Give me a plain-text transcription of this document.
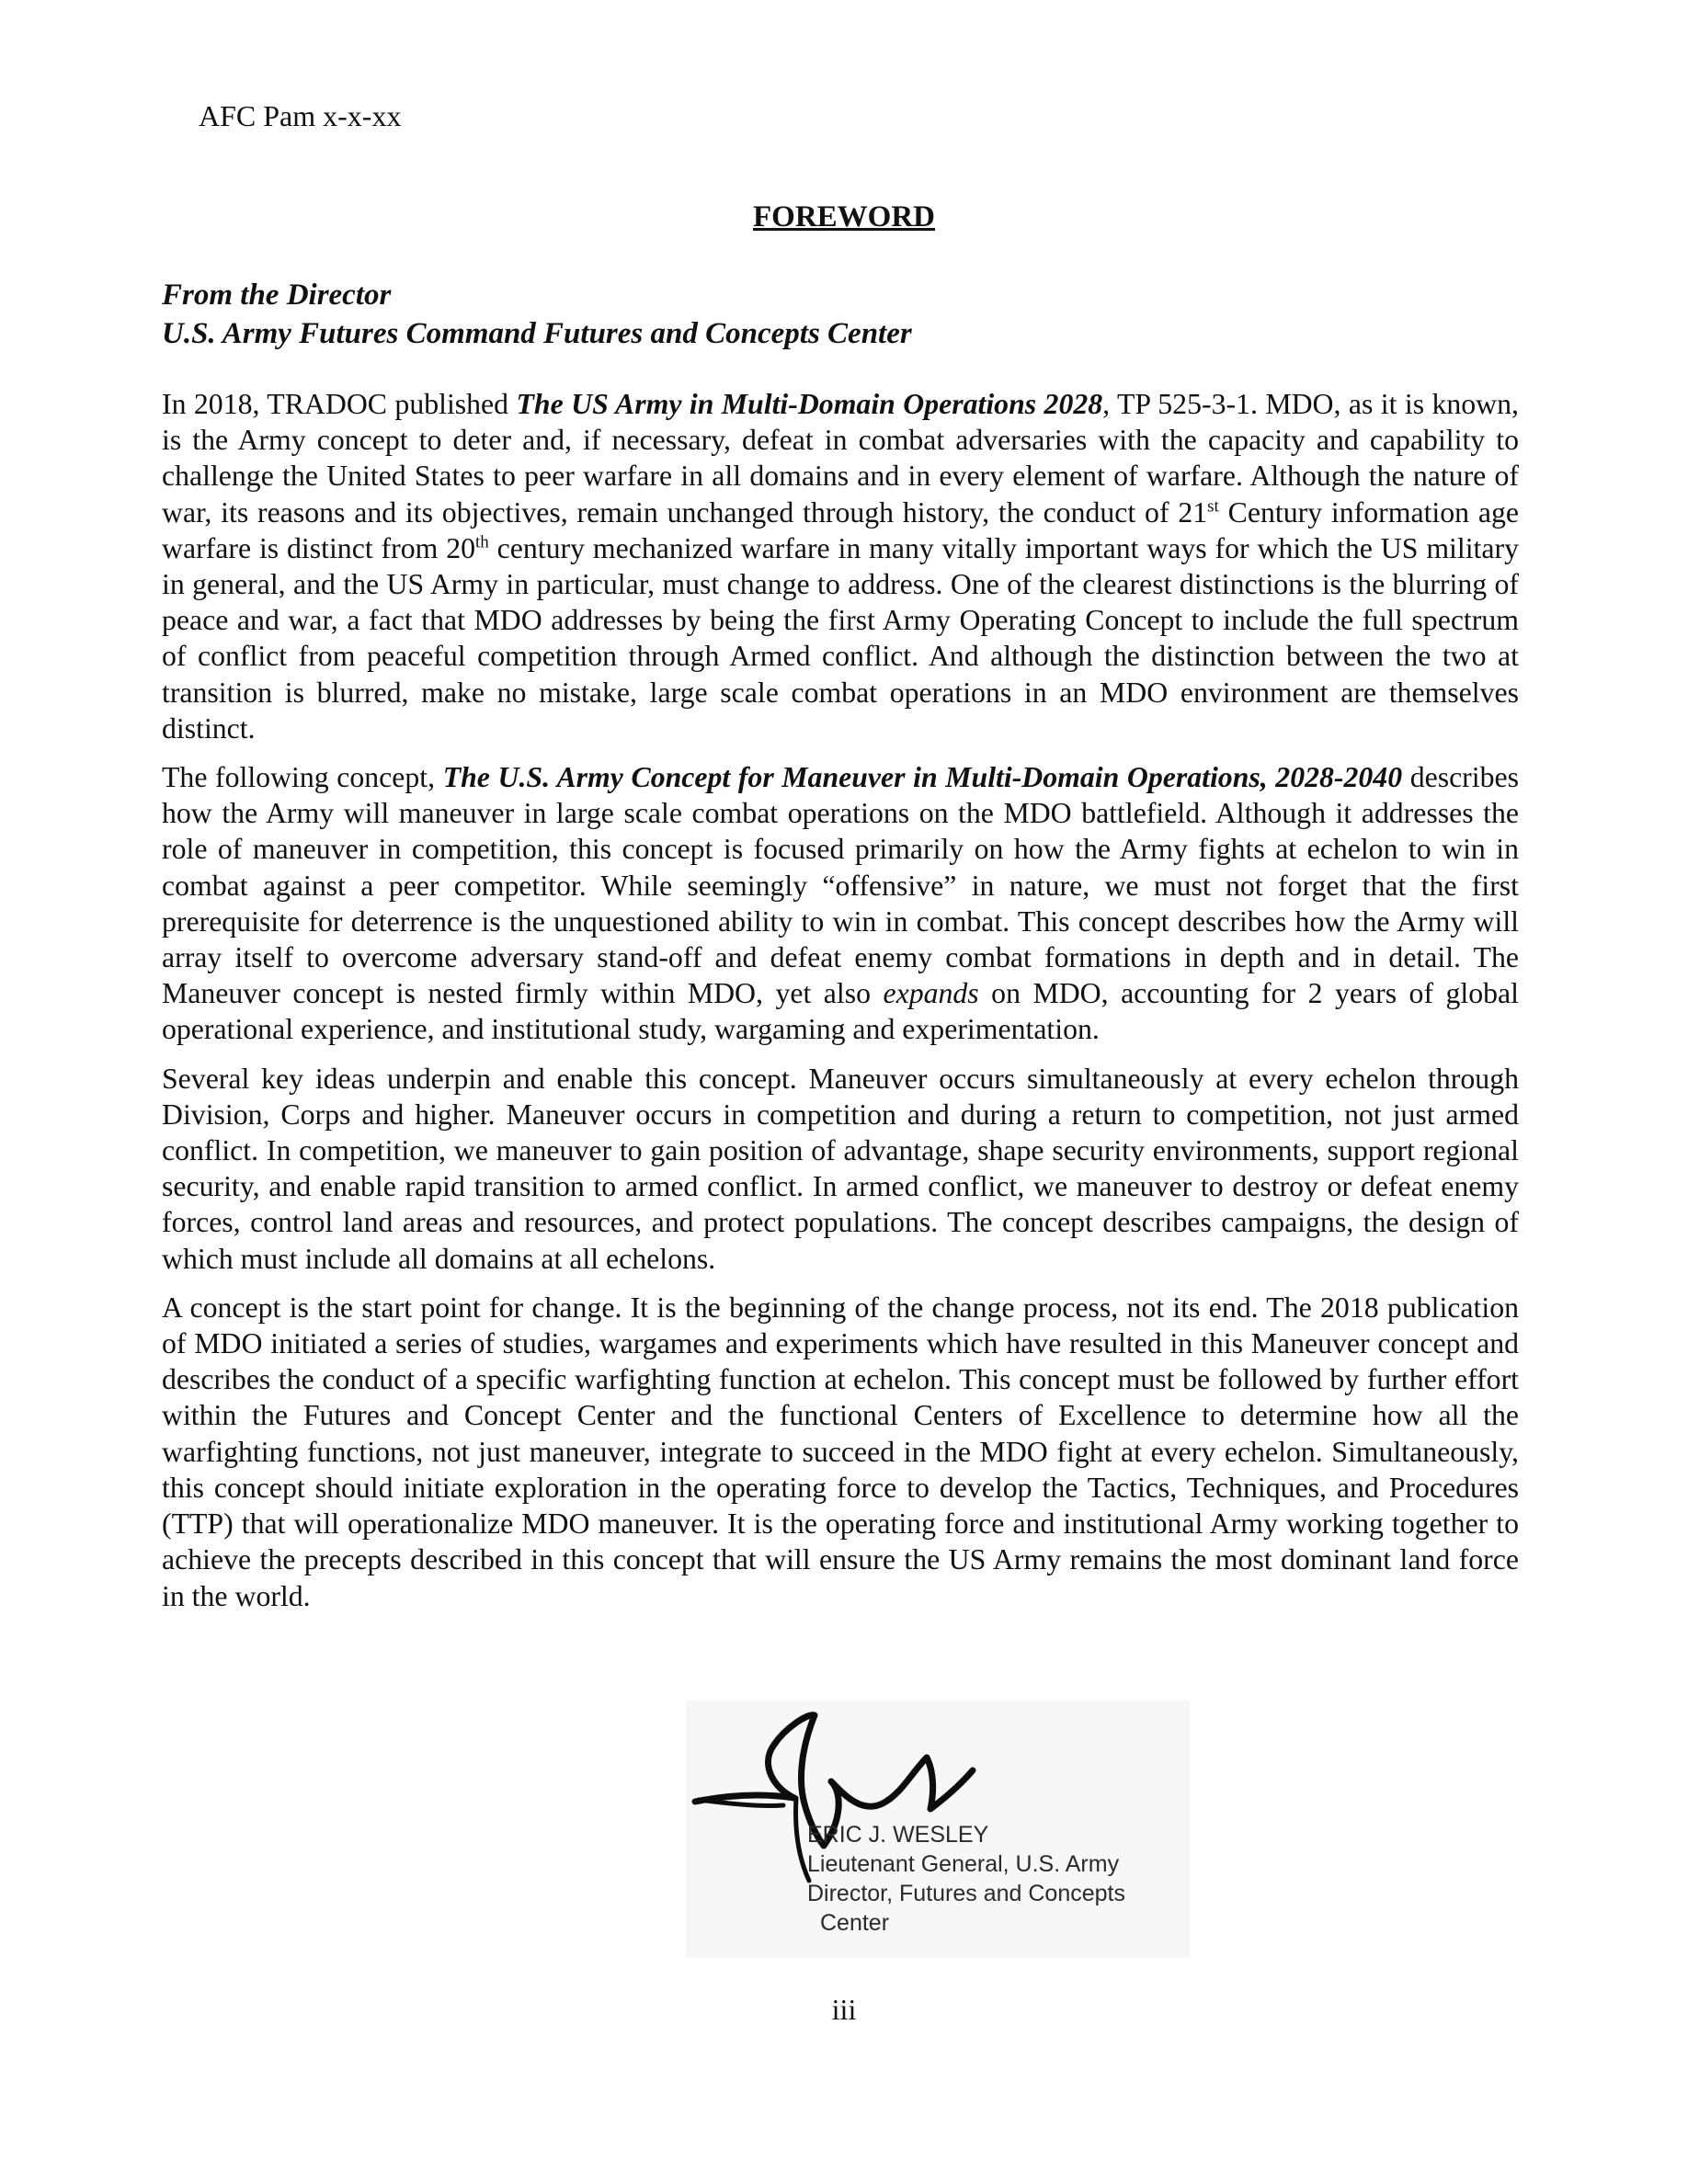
AFC Pam x-x-xx
FOREWORD
From the Director
U.S. Army Futures Command Futures and Concepts Center

In 2018, TRADOC published The US Army in Multi-Domain Operations 2028, TP 525-3-1. MDO, as it is known, is the Army concept to deter and, if necessary, defeat in combat adversaries with the capacity and capability to challenge the United States to peer warfare in all domains and in every element of warfare. Although the nature of war, its reasons and its objectives, remain unchanged through history, the conduct of 21st Century information age warfare is distinct from 20th century mechanized warfare in many vitally important ways for which the US military in general, and the US Army in particular, must change to address. One of the clearest distinctions is the blurring of peace and war, a fact that MDO addresses by being the first Army Operating Concept to include the full spectrum of conflict from peaceful competition through Armed conflict. And although the distinction between the two at transition is blurred, make no mistake, large scale combat operations in an MDO environment are themselves distinct.

The following concept, The U.S. Army Concept for Maneuver in Multi-Domain Operations, 2028-2040 describes how the Army will maneuver in large scale combat operations on the MDO battlefield. Although it addresses the role of maneuver in competition, this concept is focused primarily on how the Army fights at echelon to win in combat against a peer competitor. While seemingly “offensive” in nature, we must not forget that the first prerequisite for deterrence is the unquestioned ability to win in combat. This concept describes how the Army will array itself to overcome adversary stand-off and defeat enemy combat formations in depth and in detail. The Maneuver concept is nested firmly within MDO, yet also expands on MDO, accounting for 2 years of global operational experience, and institutional study, wargaming and experimentation.

Several key ideas underpin and enable this concept. Maneuver occurs simultaneously at every echelon through Division, Corps and higher. Maneuver occurs in competition and during a return to competition, not just armed conflict. In competition, we maneuver to gain position of advantage, shape security environments, support regional security, and enable rapid transition to armed conflict. In armed conflict, we maneuver to destroy or defeat enemy forces, control land areas and resources, and protect populations. The concept describes campaigns, the design of which must include all domains at all echelons.

A concept is the start point for change. It is the beginning of the change process, not its end. The 2018 publication of MDO initiated a series of studies, wargames and experiments which have resulted in this Maneuver concept and describes the conduct of a specific warfighting function at echelon. This concept must be followed by further effort within the Futures and Concept Center and the functional Centers of Excellence to determine how all the warfighting functions, not just maneuver, integrate to succeed in the MDO fight at every echelon. Simultaneously, this concept should initiate exploration in the operating force to develop the Tactics, Techniques, and Procedures (TTP) that will operationalize MDO maneuver. It is the operating force and institutional Army working together to achieve the precepts described in this concept that will ensure the US Army remains the most dominant land force in the world.

ERIC J. WESLEY
Lieutenant General, U.S. Army
Director, Futures and Concepts
Center
iii
